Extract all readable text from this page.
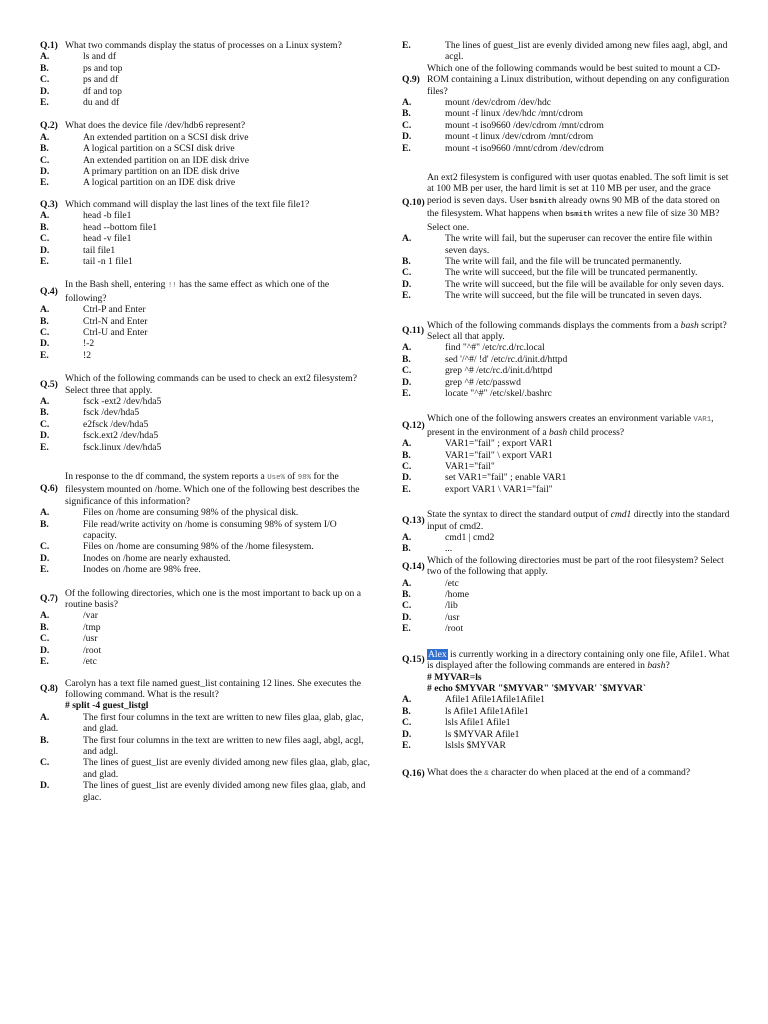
Q.1) What two commands display the status of processes on a Linux system?
A.	ls and df
B.	ps and top
C.	ps and df
D.	df and top
E.	du and df
Q.2) What does the device file /dev/hdb6 represent?
A.	An extended partition on a SCSI disk drive
B.	A logical partition on a SCSI disk drive
C.	An extended partition on an IDE disk drive
D.	A primary partition on an IDE disk drive
E.	A logical partition on an IDE disk drive
Q.3) Which command will display the last lines of the text file file1?
A.	head -b file1
B.	head --bottom file1
C.	head -v file1
D.	tail file1
E.	tail -n 1 file1
Q.4)
In the Bash shell, entering !! has the same effect as which one of the following?
A.	Ctrl-P and Enter
B.	Ctrl-N and Enter
C.	Ctrl-U and Enter
D.	!-2
E.	!2
Q.5)
Which of the following commands can be used to check an ext2 filesystem? Select three that apply.
A.	fsck -ext2 /dev/hda5
B.	fsck /dev/hda5
C.	e2fsck /dev/hda5
D.	fsck.ext2 /dev/hda5
E.	fsck.linux /dev/hda5
Q.6)
In response to the df command, the system reports a Use% of 98% for the filesystem mounted on /home. Which one of the following best describes the significance of this information?
A.	Files on /home are consuming 98% of the physical disk.
B.	File read/write activity on /home is consuming 98% of system I/O capacity.
C.	Files on /home are consuming 98% of the /home filesystem.
D.	Inodes on /home are nearly exhausted.
E.	Inodes on /home are 98% free.
Q.7)
Of the following directories, which one is the most important to back up on a routine basis?
A.	/var
B.	/tmp
C.	/usr
D.	/root
E.	/etc
Q.8)
Carolyn has a text file named guest_list containing 12 lines. She executes the following command. What is the result?
# split -4 guest_listgl
A.	The first four columns in the text are written to new files glaa, glab, glac, and glad.
B.	The first four columns in the text are written to new files aagl, abgl, acgl, and adgl.
C.	The lines of guest_list are evenly divided among new files glaa, glab, glac, and glad.
D.	The lines of guest_list are evenly divided among new files glaa, glab, and glac.
E.	The lines of guest_list are evenly divided among new files aagl, abgl, and acgl.
Q.9)
Which one of the following commands would be best suited to mount a CD-ROM containing a Linux distribution, without depending on any configuration files?
A.	mount /dev/cdrom /dev/hdc
B.	mount -f linux /dev/hdc /mnt/cdrom
C.	mount -t iso9660 /dev/cdrom /mnt/cdrom
D.	mount -t linux /dev/cdrom /mnt/cdrom
E.	mount -t iso9660 /mnt/cdrom /dev/cdrom
Q.10)
An ext2 filesystem is configured with user quotas enabled. The soft limit is set at 100 MB per user, the hard limit is set at 110 MB per user, and the grace period is seven days. User bsmith already owns 90 MB of the data stored on the filesystem. What happens when bsmith writes a new file of size 30 MB? Select one.
A.	The write will fail, but the superuser can recover the entire file within seven days.
B.	The write will fail, and the file will be truncated permanently.
C.	The write will succeed, but the file will be truncated permanently.
D.	The write will succeed, but the file will be available for only seven days.
E.	The write will succeed, but the file will be truncated in seven days.
Q.11)
Which of the following commands displays the comments from a bash script? Select all that apply.
A.	find "^#" /etc/rc.d/rc.local
B.	sed '/^#/ !d' /etc/rc.d/init.d/httpd
C.	grep ^# /etc/rc.d/init.d/httpd
D.	grep ^# /etc/passwd
E.	locate "^#" /etc/skel/.bashrc
Q.12)
Which one of the following answers creates an environment variable VAR1, present in the environment of a bash child process?
A.	VAR1="fail" ; export VAR1
B.	VAR1="fail" \ export VAR1
C.	VAR1="fail"
D.	set VAR1="fail" ; enable VAR1
E.	export VAR1 \ VAR1="fail"
Q.13)
State the syntax to direct the standard output of cmd1 directly into the standard input of cmd2.
A.	cmd1 | cmd2
B.	...
Q.14)
Which of the following directories must be part of the root filesystem? Select two of the following that apply.
A.	/etc
B.	/home
C.	/lib
D.	/usr
E.	/root
Q.15)
Alex is currently working in a directory containing only one file, Afile1. What is displayed after the following commands are entered in bash?
# MYVAR=ls
# echo $MYVAR "$MYVAR" '$MYVAR' `$MYVAR`
A.	Afile1 Afile1Afile1Afile1
B.	ls Afile1 Afile1Afile1
C.	lsls Afile1 Afile1
D.	ls $MYVAR Afile1
E.	lslsls $MYVAR
Q.16) What does the & character do when placed at the end of a command?
